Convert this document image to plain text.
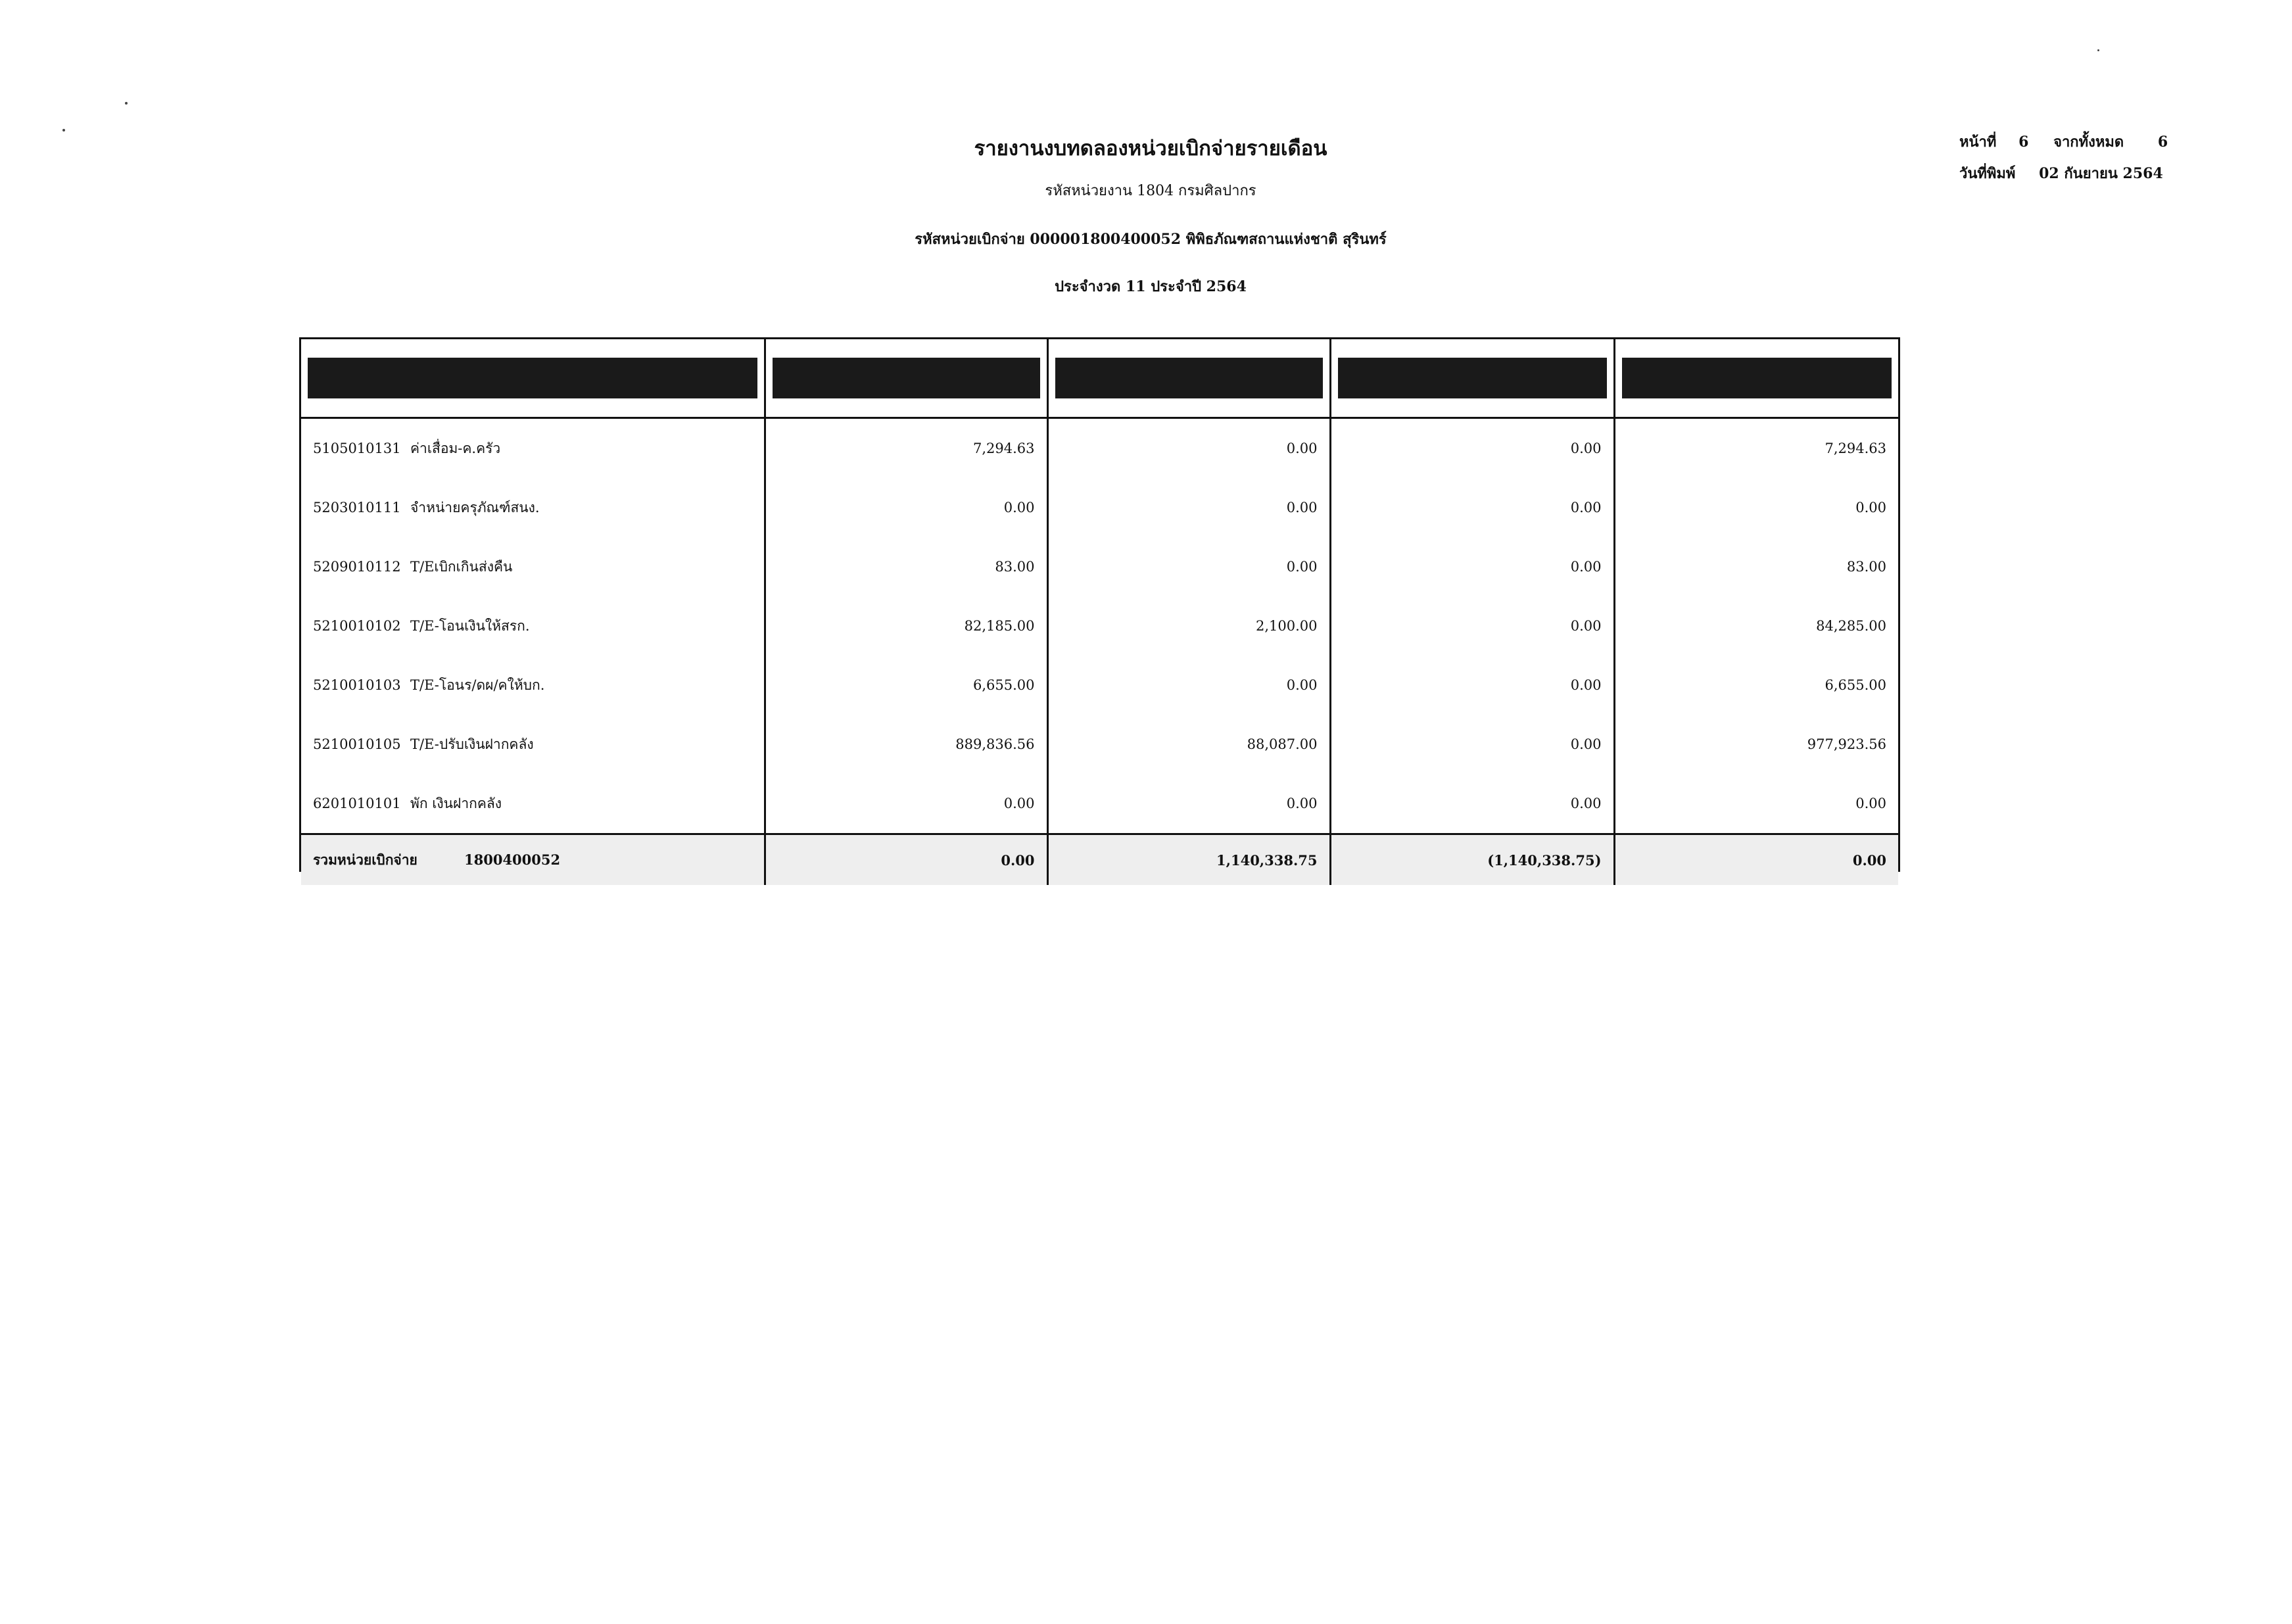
รายงานงบทดลองหน่วยเบิกจ่ายรายเดือน
รหัสหน่วยงาน 1804 กรมศิลปากร
รหัสหน่วยเบิกจ่าย 000001800400052 พิพิธภัณฑสถานแห่งชาติ สุรินทร์
ประจำงวด 11 ประจำปี 2564
หน้าที่ 6 จากทั้งหมด 6
วันที่พิมพ์ 02 กันยายน 2564

5105010131 ค่าเสื่อม-ค.ครัว	7,294.63	0.00	0.00	7,294.63
5203010111 จำหน่ายครุภัณฑ์สนง.	0.00	0.00	0.00	0.00
5209010112 T/Eเบิกเกินส่งคืน	83.00	0.00	0.00	83.00
5210010102 T/E-โอนเงินให้สรก.	82,185.00	2,100.00	0.00	84,285.00
5210010103 T/E-โอนร/ดผ/คให้บก.	6,655.00	0.00	0.00	6,655.00
5210010105 T/E-ปรับเงินฝากคลัง	889,836.56	88,087.00	0.00	977,923.56
6201010101 พัก เงินฝากคลัง	0.00	0.00	0.00	0.00
รวมหน่วยเบิกจ่าย 1800400052	0.00	1,140,338.75	(1,140,338.75)	0.00
